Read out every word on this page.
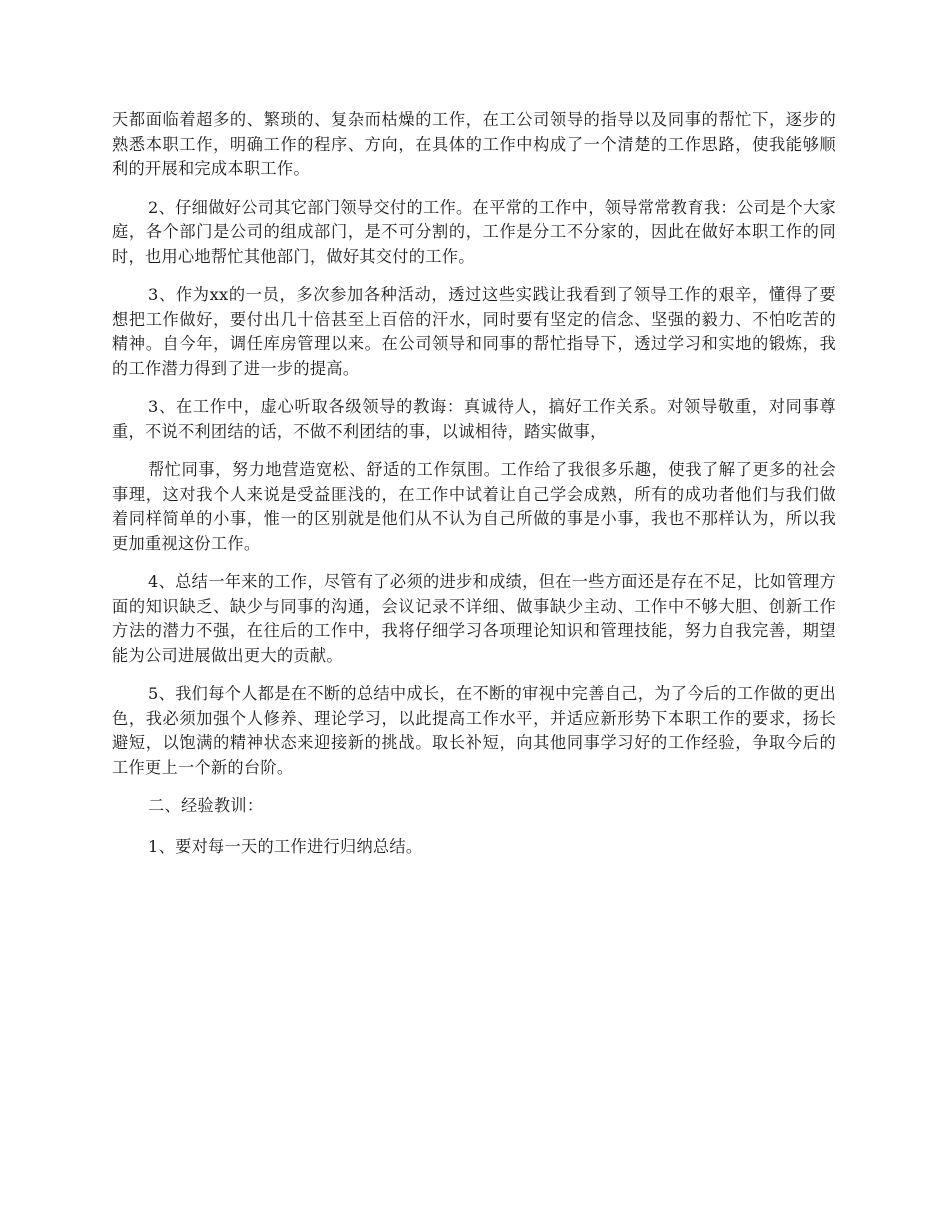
天都面临着超多的、繁琐的、复杂而枯燥的工作，在工公司领导的指导以及同事的帮忙下，逐步的熟悉本职工作，明确工作的程序、方向，在具体的工作中构成了一个清楚的工作思路，使我能够顺利的开展和完成本职工作。

2、仔细做好公司其它部门领导交付的工作。在平常的工作中，领导常常教育我：公司是个大家庭，各个部门是公司的组成部门，是不可分割的，工作是分工不分家的，因此在做好本职工作的同时，也用心地帮忙其他部门，做好其交付的工作。

3、作为xx的一员，多次参加各种活动，透过这些实践让我看到了领导工作的艰辛，懂得了要想把工作做好，要付出几十倍甚至上百倍的汗水，同时要有坚定的信念、坚强的毅力、不怕吃苦的精神。自今年，调任库房管理以来。在公司领导和同事的帮忙指导下，透过学习和实地的锻炼，我的工作潜力得到了进一步的提高。

3、在工作中，虚心听取各级领导的教诲：真诚待人，搞好工作关系。对领导敬重，对同事尊重，不说不利团结的话，不做不利团结的事，以诚相待，踏实做事，

帮忙同事，努力地营造宽松、舒适的工作氛围。工作给了我很多乐趣，使我了解了更多的社会事理，这对我个人来说是受益匪浅的，在工作中试着让自己学会成熟，所有的成功者他们与我们做着同样简单的小事，惟一的区别就是他们从不认为自己所做的事是小事，我也不那样认为，所以我更加重视这份工作。

4、总结一年来的工作，尽管有了必须的进步和成绩，但在一些方面还是存在不足，比如管理方面的知识缺乏、缺少与同事的沟通，会议记录不详细、做事缺少主动、工作中不够大胆、创新工作方法的潜力不强，在往后的工作中，我将仔细学习各项理论知识和管理技能，努力自我完善，期望能为公司进展做出更大的贡献。

5、我们每个人都是在不断的总结中成长，在不断的审视中完善自己，为了今后的工作做的更出色，我必须加强个人修养、理论学习，以此提高工作水平，并适应新形势下本职工作的要求，扬长避短，以饱满的精神状态来迎接新的挑战。取长补短，向其他同事学习好的工作经验，争取今后的工作更上一个新的台阶。

二、经验教训：

1、要对每一天的工作进行归纳总结。
